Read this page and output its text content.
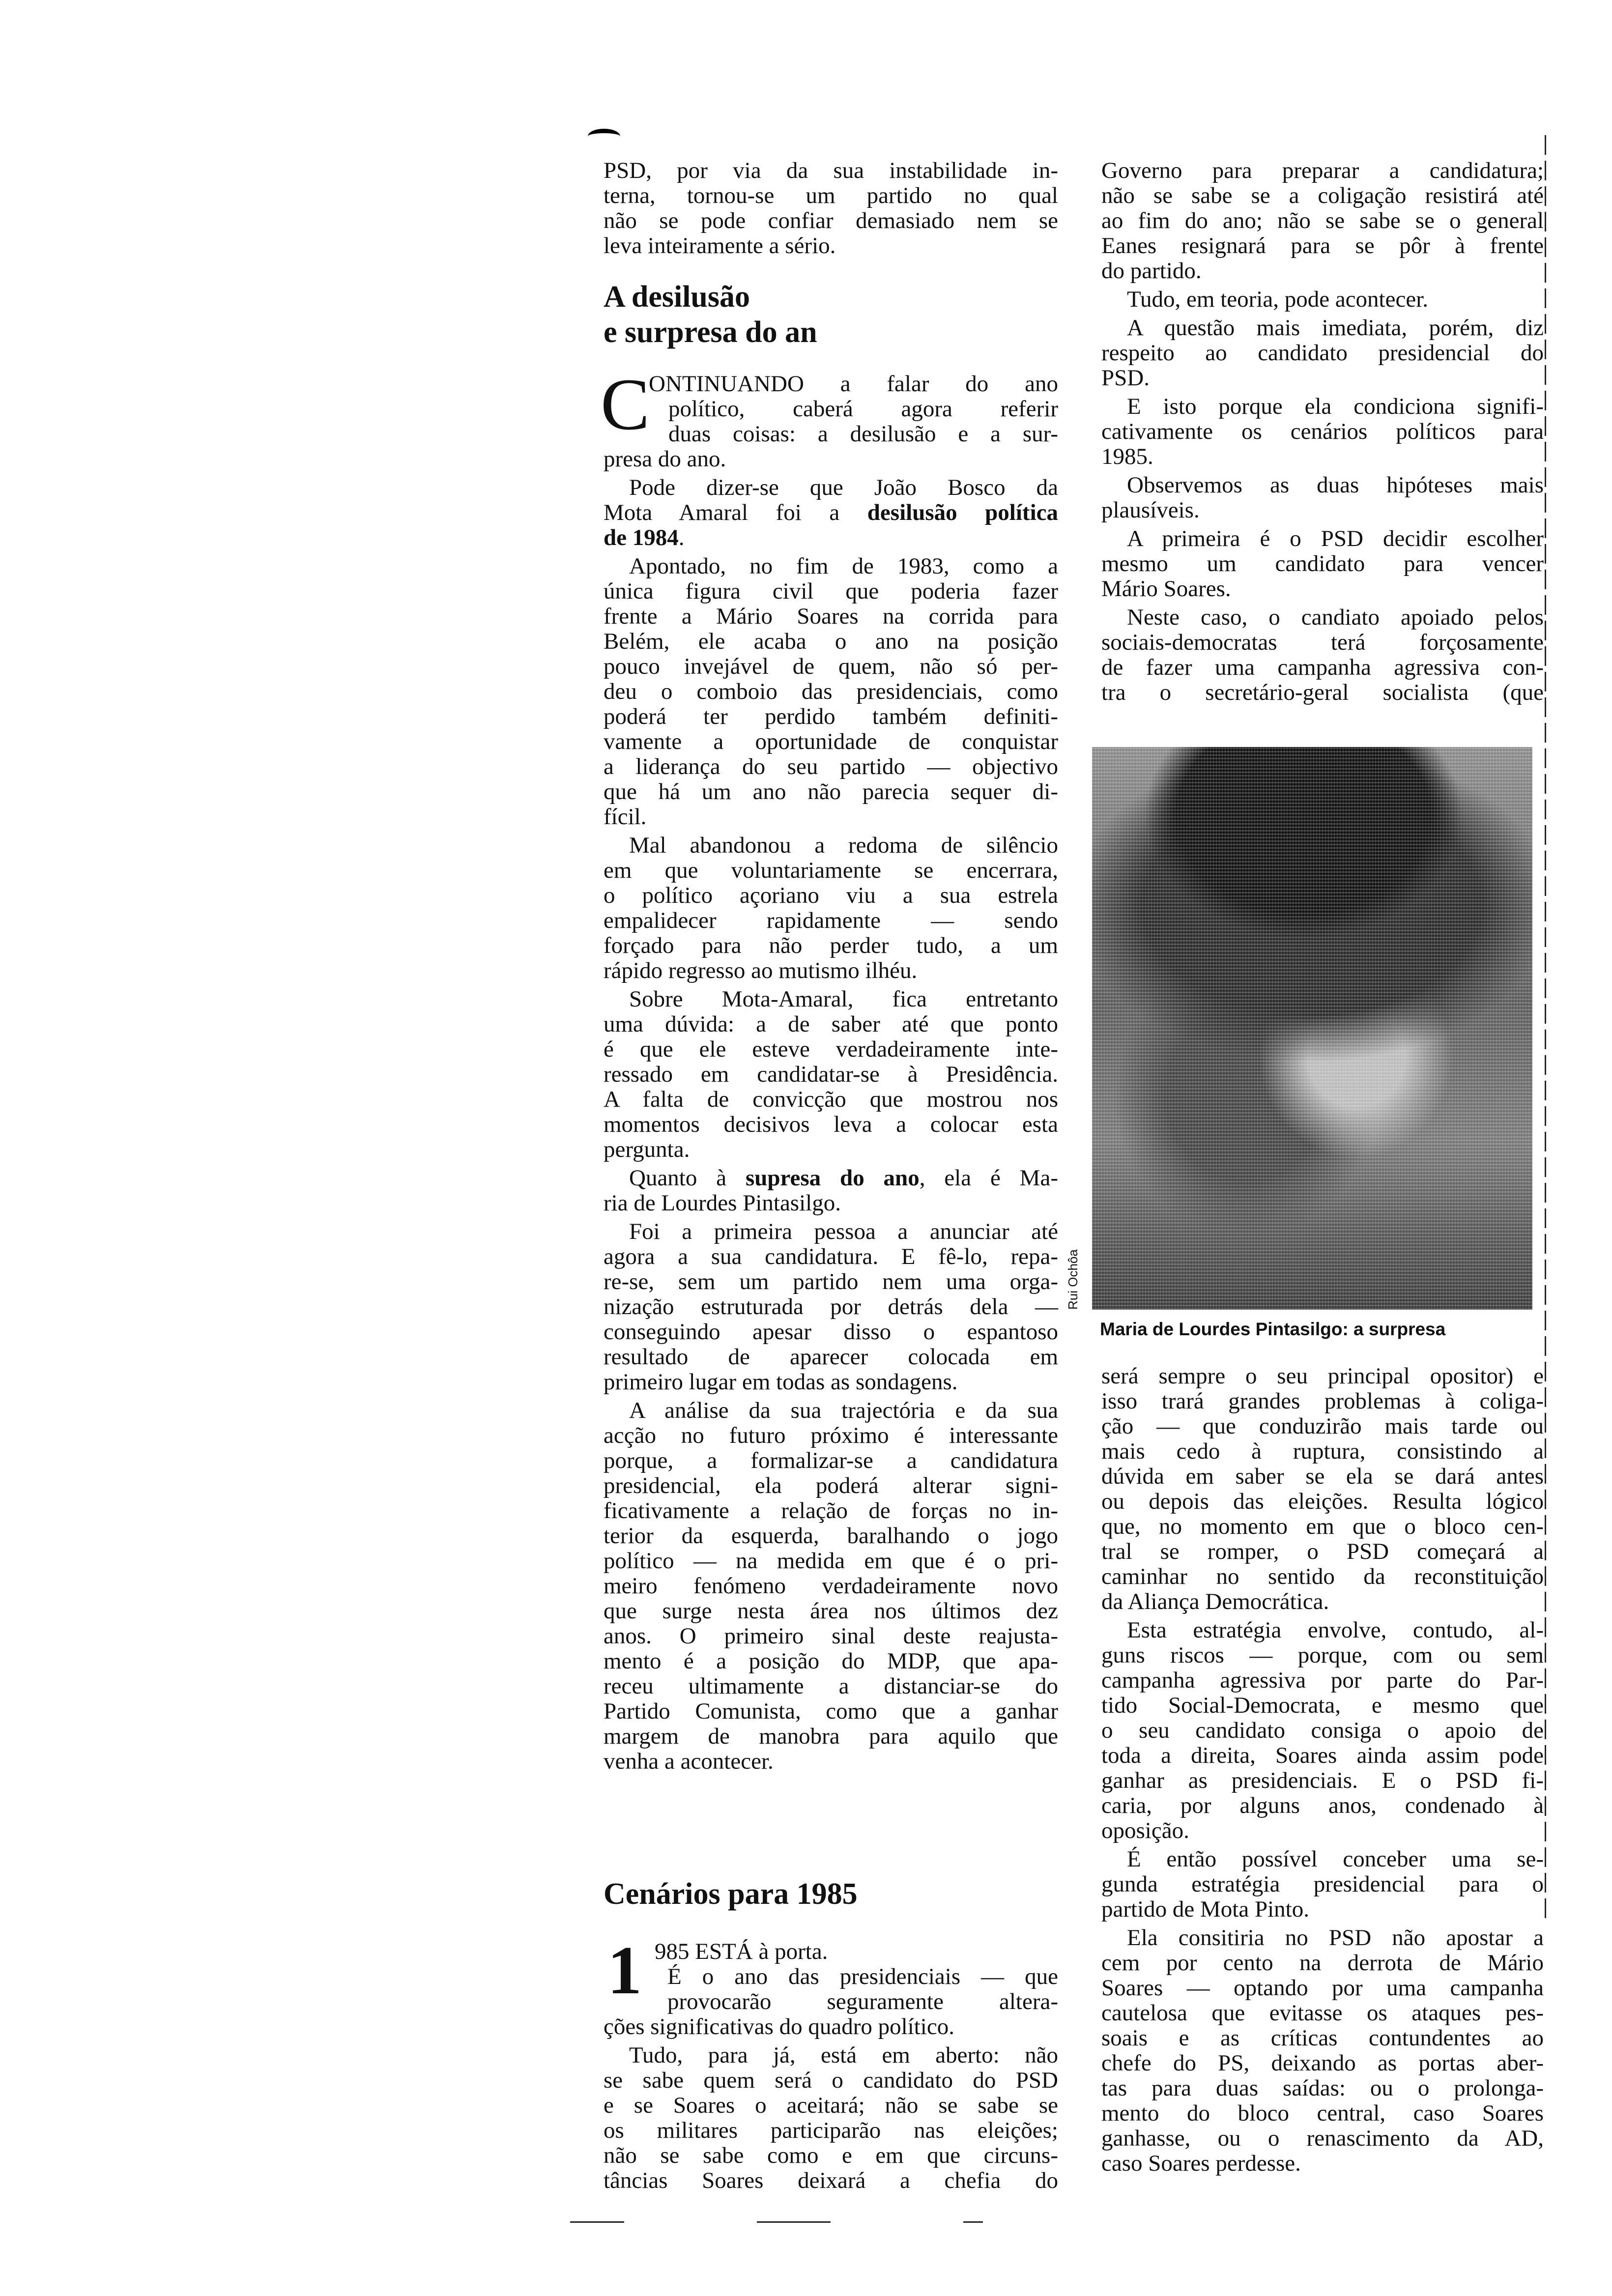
PSD, por via da sua instabilidade in-
terna, tornou-se um partido no qual
não se pode confiar demasiado nem se
leva inteiramente a sério.
A desilusão
e surpresa do an
C
ONTINUANDO a falar do ano
político, caberá agora referir
duas coisas: a desilusão e a sur-
presa do ano.
Pode dizer-se que João Bosco da
Mota Amaral foi a desilusão política
de 1984.
Apontado, no fim de 1983, como a
única figura civil que poderia fazer
frente a Mário Soares na corrida para
Belém, ele acaba o ano na posição
pouco invejável de quem, não só per-
deu o comboio das presidenciais, como
poderá ter perdido também definiti-
vamente a oportunidade de conquistar
a liderança do seu partido — objectivo
que há um ano não parecia sequer di-
fícil.
Mal abandonou a redoma de silêncio
em que voluntariamente se encerrara,
o político açoriano viu a sua estrela
empalidecer rapidamente — sendo
forçado para não perder tudo, a um
rápido regresso ao mutismo ilhéu.
Sobre Mota-Amaral, fica entretanto
uma dúvida: a de saber até que ponto
é que ele esteve verdadeiramente inte-
ressado em candidatar-se à Presidência.
A falta de convicção que mostrou nos
momentos decisivos leva a colocar esta
pergunta.
Quanto à supresa do ano, ela é Ma-
ria de Lourdes Pintasilgo.
Foi a primeira pessoa a anunciar até
agora a sua candidatura. E fê-lo, repa-
re-se, sem um partido nem uma orga-
nização estruturada por detrás dela —
conseguindo apesar disso o espantoso
resultado de aparecer colocada em
primeiro lugar em todas as sondagens.
A análise da sua trajectória e da sua
acção no futuro próximo é interessante
porque, a formalizar-se a candidatura
presidencial, ela poderá alterar signi-
ficativamente a relação de forças no in-
terior da esquerda, baralhando o jogo
político — na medida em que é o pri-
meiro fenómeno verdadeiramente novo
que surge nesta área nos últimos dez
anos. O primeiro sinal deste reajusta-
mento é a posição do MDP, que apa-
receu ultimamente a distanciar-se do
Partido Comunista, como que a ganhar
margem de manobra para aquilo que
venha a acontecer.
Cenários para 1985
1 985 ESTÁ à porta.
É o ano das presidenciais — que
provocarão seguramente altera-
ções significativas do quadro político.
Tudo, para já, está em aberto: não
se sabe quem será o candidato do PSD
e se Soares o aceitará; não se sabe se
os militares participarão nas eleições;
não se sabe como e em que circuns-
tâncias Soares deixará a chefia do
Governo para preparar a candidatura;
não se sabe se a coligação resistirá até
ao fim do ano; não se sabe se o general
Eanes resignará para se pôr à frente
do partido.
Tudo, em teoria, pode acontecer.
A questão mais imediata, porém, diz
respeito ao candidato presidencial do
PSD.
E isto porque ela condiciona signifi-
cativamente os cenários políticos para
1985.
Observemos as duas hipóteses mais
plausíveis.
A primeira é o PSD decidir escolher
mesmo um candidato para vencer
Mário Soares.
Neste caso, o candiato apoiado pelos
sociais-democratas terá forçosamente
de fazer uma campanha agressiva con-
tra o secretário-geral socialista (que
Rui Ochôa
Maria de Lourdes Pintasilgo: a surpresa
será sempre o seu principal opositor) e
isso trará grandes problemas à coliga-
ção — que conduzirão mais tarde ou
mais cedo à ruptura, consistindo a
dúvida em saber se ela se dará antes
ou depois das eleições. Resulta lógico
que, no momento em que o bloco cen-
tral se romper, o PSD começará a
caminhar no sentido da reconstituição
da Aliança Democrática.
Esta estratégia envolve, contudo, al-
guns riscos — porque, com ou sem
campanha agressiva por parte do Par-
tido Social-Democrata, e mesmo que
o seu candidato consiga o apoio de
toda a direita, Soares ainda assim pode
ganhar as presidenciais. E o PSD fi-
caria, por alguns anos, condenado à
oposição.
É então possível conceber uma se-
gunda estratégia presidencial para o
partido de Mota Pinto.
Ela consitiria no PSD não apostar a
cem por cento na derrota de Mário
Soares — optando por uma campanha
cautelosa que evitasse os ataques pes-
soais e as críticas contundentes ao
chefe do PS, deixando as portas aber-
tas para duas saídas: ou o prolonga-
mento do bloco central, caso Soares
ganhasse, ou o renascimento da AD,
caso Soares perdesse.
